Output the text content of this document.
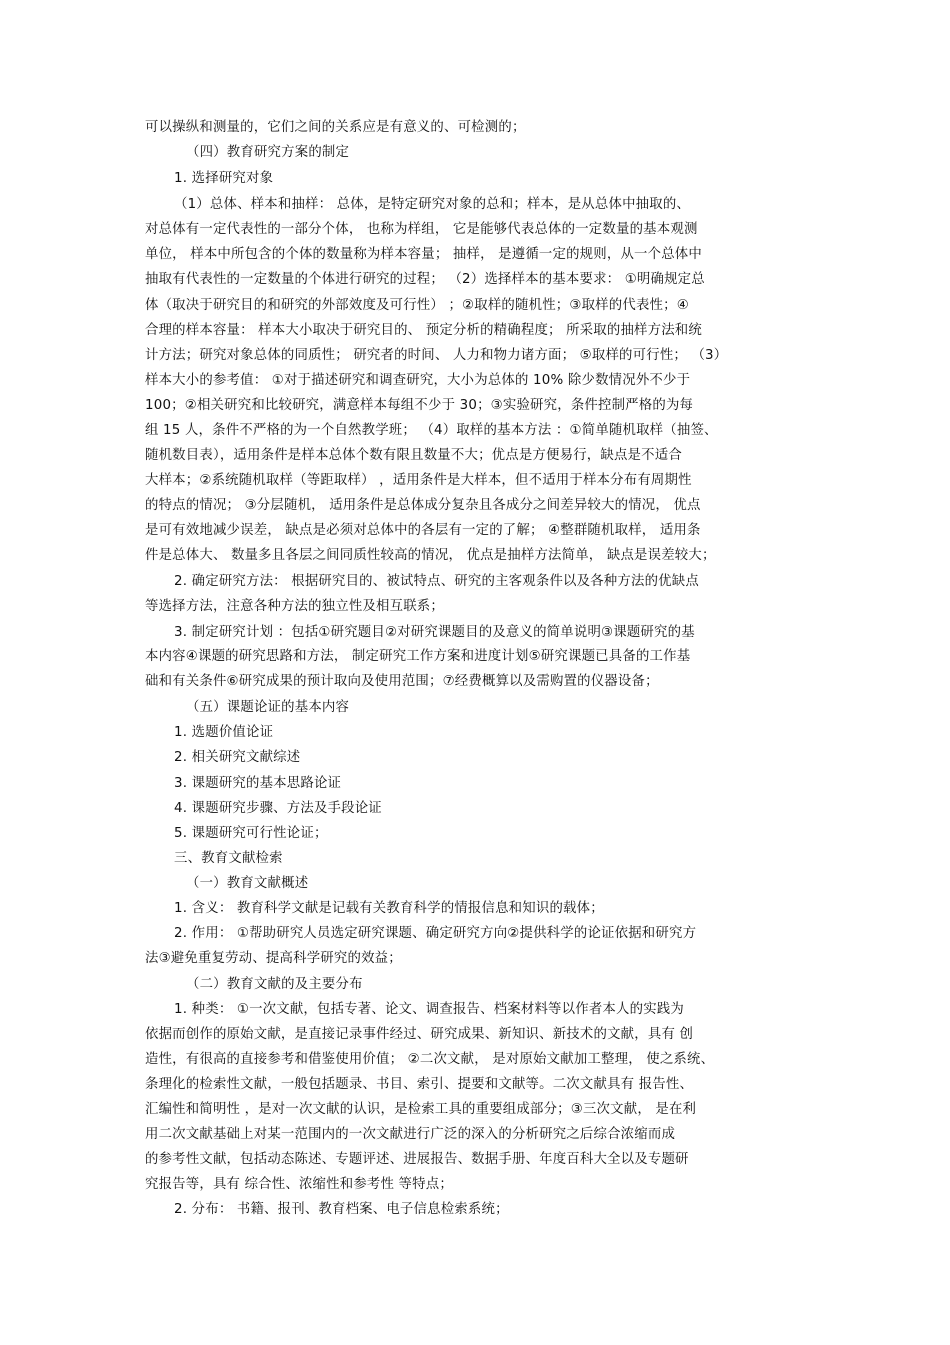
可以操纵和测量的，它们之间的关系应是有意义的、可检测的；
（四）教育研究方案的制定
1. 选择研究对象
（1）总体、样本和抽样： 总体，是特定研究对象的总和；样本，是从总体中抽取的、
对总体有一定代表性的一部分个体， 也称为样组， 它是能够代表总体的一定数量的基本观测
单位， 样本中所包含的个体的数量称为样本容量； 抽样， 是遵循一定的规则，从一个总体中
抽取有代表性的一定数量的个体进行研究的过程； （2）选择样本的基本要求： ①明确规定总
体（取决于研究目的和研究的外部效度及可行性） ；②取样的随机性；③取样的代表性；④
合理的样本容量： 样本大小取决于研究目的、 预定分析的精确程度； 所采取的抽样方法和统
计方法；研究对象总体的同质性； 研究者的时间、 人力和物力诸方面； ⑤取样的可行性； （3）
样本大小的参考值： ①对于描述研究和调查研究，大小为总体的 10% 除少数情况外不少于
100；②相关研究和比较研究，满意样本每组不少于 30；③实验研究，条件控制严格的为每
组 15 人，条件不严格的为一个自然教学班； （4）取样的基本方法 ：①简单随机取样（抽签、
随机数目表），适用条件是样本总体个数有限且数量不大；优点是方便易行，缺点是不适合
大样本；②系统随机取样（等距取样） ，适用条件是大样本，但不适用于样本分布有周期性
的特点的情况； ③分层随机， 适用条件是总体成分复杂且各成分之间差异较大的情况， 优点
是可有效地减少误差， 缺点是必须对总体中的各层有一定的了解； ④整群随机取样， 适用条
件是总体大、 数量多且各层之间同质性较高的情况， 优点是抽样方法简单， 缺点是误差较大；
2. 确定研究方法： 根据研究目的、被试特点、研究的主客观条件以及各种方法的优缺点
等选择方法，注意各种方法的独立性及相互联系；
3. 制定研究计划 ：包括①研究题目②对研究课题目的及意义的简单说明③课题研究的基
本内容④课题的研究思路和方法， 制定研究工作方案和进度计划⑤研究课题已具备的工作基
础和有关条件⑥研究成果的预计取向及使用范围；⑦经费概算以及需购置的仪器设备；
（五）课题论证的基本内容
1. 选题价值论证
2. 相关研究文献综述
3. 课题研究的基本思路论证
4. 课题研究步骤、方法及手段论证
5. 课题研究可行性论证；
三、教育文献检索
（一）教育文献概述
1. 含义： 教育科学文献是记载有关教育科学的情报信息和知识的载体；
2. 作用： ①帮助研究人员选定研究课题、确定研究方向②提供科学的论证依据和研究方
法③避免重复劳动、提高科学研究的效益；
（二）教育文献的及主要分布
1. 种类： ①一次文献，包括专著、论文、调查报告、档案材料等以作者本人的实践为
依据而创作的原始文献，是直接记录事件经过、研究成果、新知识、新技术的文献，具有 创
造性，有很高的直接参考和借鉴使用价值； ②二次文献， 是对原始文献加工整理， 使之系统、
条理化的检索性文献，一般包括题录、书目、索引、提要和文献等。二次文献具有 报告性、
汇编性和简明性 ，是对一次文献的认识，是检索工具的重要组成部分；③三次文献， 是在利
用二次文献基础上对某一范围内的一次文献进行广泛的深入的分析研究之后综合浓缩而成
的参考性文献，包括动态陈述、专题评述、进展报告、数据手册、年度百科大全以及专题研
究报告等，具有 综合性、浓缩性和参考性 等特点；
2. 分布： 书籍、报刊、教育档案、电子信息检索系统；
